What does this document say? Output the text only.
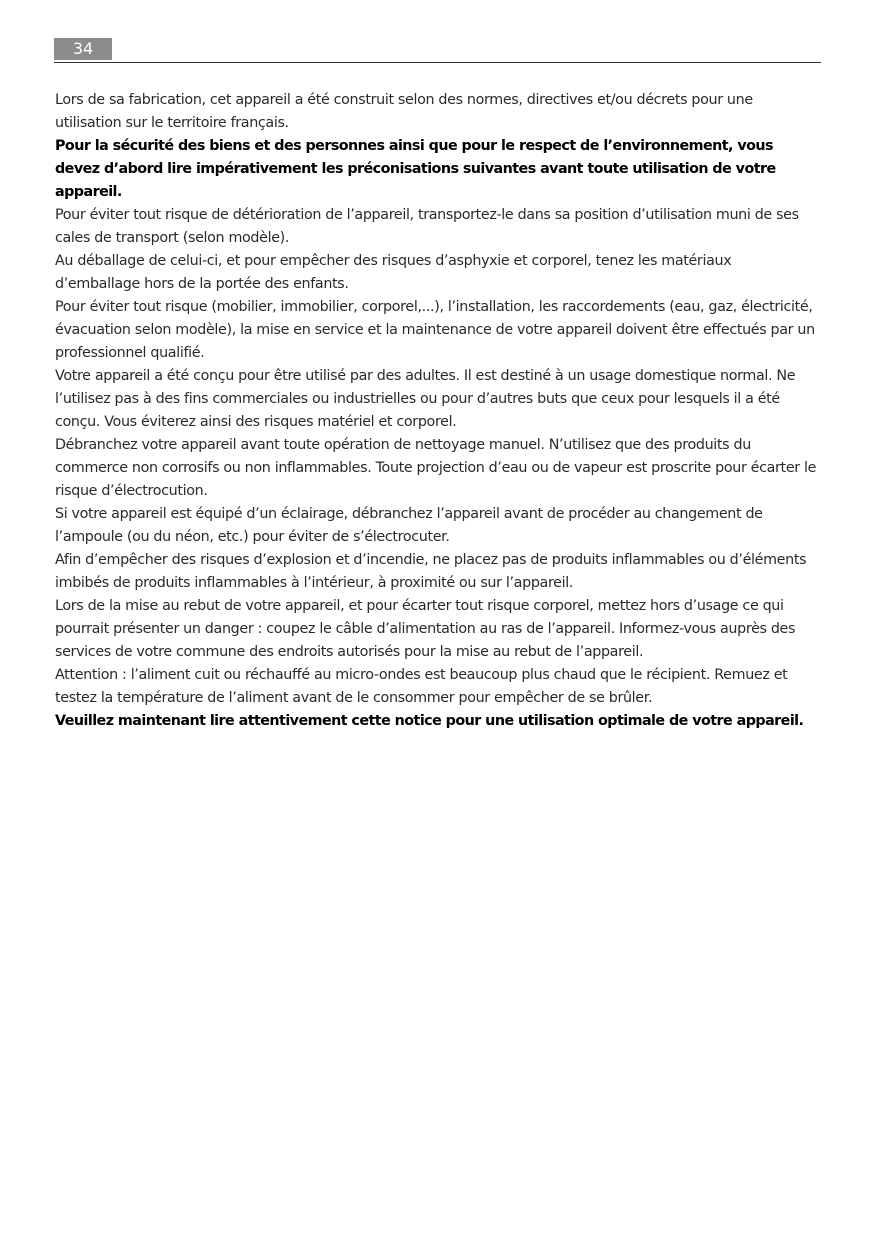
34

Lors de sa fabrication, cet appareil a été construit selon des normes, directives et/ou décrets pour une utilisation sur le territoire français.

Pour la sécurité des biens et des personnes ainsi que pour le respect de l’environnement, vous devez d’abord lire impérativement les préconisations suivantes avant toute utilisation de votre appareil.

Pour éviter tout risque de détérioration de l’appareil, transportez-le dans sa position d’utilisation muni de ses cales de transport (selon modèle).

Au déballage de celui-ci, et pour empêcher des risques d’asphyxie et corporel, tenez les matériaux d’emballage hors de la portée des enfants.

Pour éviter tout risque (mobilier, immobilier, corporel,...), l’installation, les raccordements (eau, gaz, électricité, évacuation selon modèle), la mise en service et la maintenance de votre appareil doivent être effectués par un professionnel qualifié.

Votre appareil a été conçu pour être utilisé par des adultes. Il est destiné à un usage domestique normal. Ne l’utilisez pas à des fins commerciales ou industrielles ou pour d’autres buts que ceux pour lesquels il a été conçu. Vous éviterez ainsi des risques matériel et corporel.

Débranchez votre appareil avant toute opération de nettoyage manuel. N’utilisez que des produits du commerce non corrosifs ou non inflammables. Toute projection d’eau ou de vapeur est proscrite pour écarter le risque d’électrocution.

Si votre appareil est équipé d’un éclairage, débranchez l’appareil avant de procéder au changement de l’ampoule (ou du néon, etc.) pour éviter de s’électrocuter.

Afin d’empêcher des risques d’explosion et d’incendie, ne placez pas de produits inflammables ou d’éléments imbibés de produits inflammables à l’intérieur, à proximité ou sur l’appareil.

Lors de la mise au rebut de votre appareil, et pour écarter tout risque corporel, mettez hors d’usage ce qui pourrait présenter un danger : coupez le câble d’alimentation au ras de l’appareil. Informez-vous auprès des services de votre commune des endroits autorisés pour la mise au rebut de l’appareil.

Attention : l’aliment cuit ou réchauffé au micro-ondes est beaucoup plus chaud que le récipient. Remuez et testez la température de l’aliment avant de le consommer pour empêcher de se brûler.

Veuillez maintenant lire attentivement cette notice pour une utilisation optimale de votre appareil.
